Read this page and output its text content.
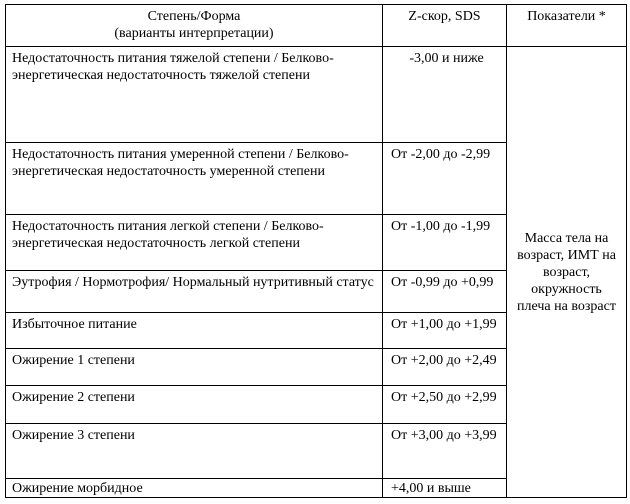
Степень/Форма
(варианты интерпретации)	Z-скор, SDS	Показатели *
Недостаточность питания тяжелой степени / Белково-энергетическая недостаточность тяжелой степени	-3,00 и ниже	Масса тела на возраст, ИМТ на возраст, окружность плеча на возраст
Недостаточность питания умеренной степени / Белково-энергетическая недостаточность умеренной степени	От -2,00 до -2,99	
Недостаточность питания легкой степени / Белково-энергетическая недостаточность легкой степени	От -1,00 до -1,99	
Эутрофия / Нормотрофия/ Нормальный нутритивный статус	От -0,99 до +0,99	
Избыточное питание	От +1,00 до +1,99	
Ожирение 1 степени	От +2,00 до +2,49	
Ожирение 2 степени	От +2,50 до +2,99	
Ожирение 3 степени	От +3,00 до +3,99	
Ожирение морбидное	+4,00 и выше	
